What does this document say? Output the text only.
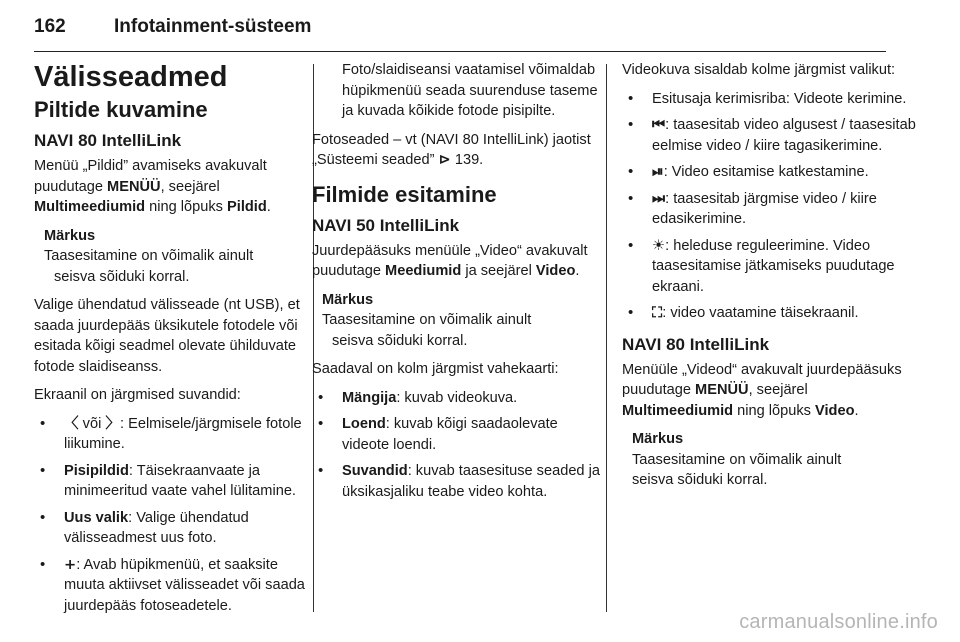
162	Infotainment-süsteem
Välisseadmed
Piltide kuvamine
NAVI 80 IntelliLink

Menüü „Pildid” avamiseks avakuvalt puudutage MENÜÜ, seejärel Multimeediumid ning lõpuks Pildid.

Märkus
Taasesitamine on võimalik ainult
seisva sõiduki korral.

Valige ühendatud välisseade (nt USB), et saada juurdepääs üksikutele fotodele või esitada kõigi seadmel olevate ühilduvate fotode slaidiseanss.

Ekraanil on järgmised suvandid:

• 〈 või 〉: Eelmisele/järgmisele fotole liikumine.
• Pisipildid: Täisekraanvaate ja minimeeritud vaate vahel lülitamine.
• Uus valik: Valige ühendatud välisseadmest uus foto.
• +: Avab hüpikmenüü, et saaksite muuta aktiivset välisseadet või saada juurdepääs fotoseadetele.

Foto/slaidiseansi vaatamisel võimaldab hüpikmenüü seada suurenduse taseme ja kuvada kõikide fotode pisipilte.

Fotoseaded – vt (NAVI 80 IntelliLink) jaotist „Süsteemi seaded” ⊳ 139.

Filmide esitamine
NAVI 50 IntelliLink

Juurdepääsuks menüüle „Video“ avakuvalt puudutage Meediumid ja seejärel Video.

Märkus
Taasesitamine on võimalik ainult
seisva sõiduki korral.

Saadaval on kolm järgmist vahekaarti:

• Mängija: kuvab videokuva.
• Loend: kuvab kõigi saadaolevate videote loendi.
• Suvandid: kuvab taasesituse seaded ja üksikasjaliku teabe video kohta.

Videokuva sisaldab kolme järgmist valikut:

• Esitusaja kerimisriba: Videote kerimine.
• ⏮: taasesitab video algusest / taasesitab eelmise video / kiire tagasikerimine.
• ⏯: Video esitamise katkestamine.
• ⏭: taasesitab järgmise video / kiire edasikerimine.
• ☀: heleduse reguleerimine. Video taasesitamise jätkamiseks puudutage ekraani.
• ⛶: video vaatamine täisekraanil.
NAVI 80 IntelliLink

Menüüle „Videod“ avakuvalt juurdepääsuks puudutage MENÜÜ, seejärel Multimeediumid ning lõpuks Video.

Märkus
Taasesitamine on võimalik ainult
seisva sõiduki korral.
carmanualsonline.info
